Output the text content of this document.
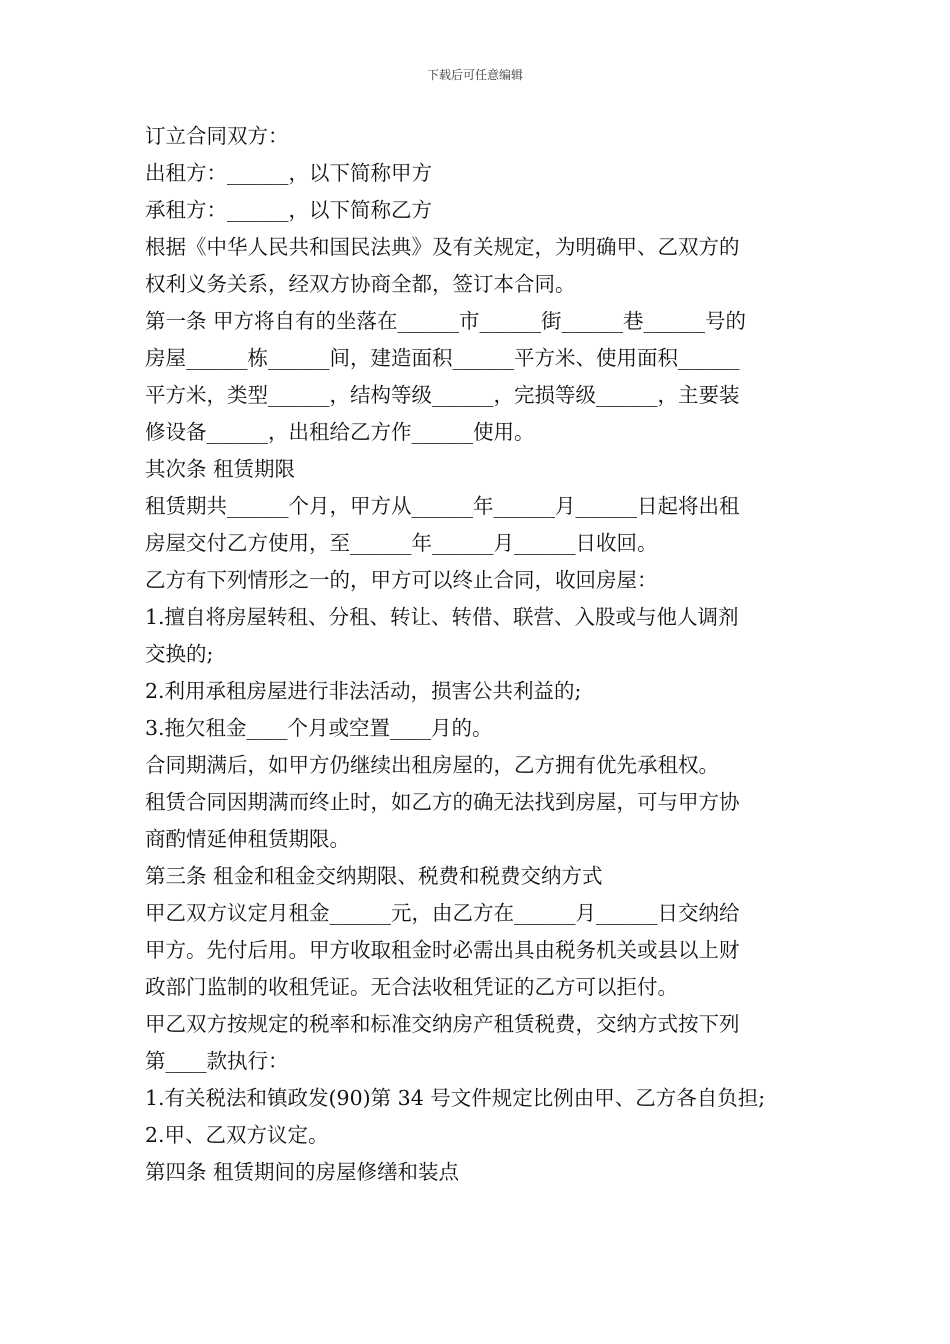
下载后可任意编辑

订立合同双方：

出租方：______，以下简称甲方

承租方：______，以下简称乙方

根据《中华人民共和国民法典》及有关规定，为明确甲、乙双方的

权利义务关系，经双方协商全都，签订本合同。

第一条 甲方将自有的坐落在______市______街______巷______号的

房屋______栋______间，建造面积______平方米、使用面积______

平方米，类型______，结构等级______，完损等级______，主要装

修设备______，出租给乙方作______使用。

其次条 租赁期限

租赁期共______个月，甲方从______年______月______日起将出租

房屋交付乙方使用，至______年______月______日收回。

乙方有下列情形之一的，甲方可以终止合同，收回房屋：

1.擅自将房屋转租、分租、转让、转借、联营、入股或与他人调剂

交换的;

2.利用承租房屋进行非法活动，损害公共利益的;

3.拖欠租金____个月或空置____月的。

合同期满后，如甲方仍继续出租房屋的，乙方拥有优先承租权。

租赁合同因期满而终止时，如乙方的确无法找到房屋，可与甲方协

商酌情延伸租赁期限。

第三条 租金和租金交纳期限、税费和税费交纳方式

甲乙双方议定月租金______元，由乙方在______月______日交纳给

甲方。先付后用。甲方收取租金时必需出具由税务机关或县以上财

政部门监制的收租凭证。无合法收租凭证的乙方可以拒付。

甲乙双方按规定的税率和标准交纳房产租赁税费，交纳方式按下列

第____款执行：

1.有关税法和镇政发(90)第 34 号文件规定比例由甲、乙方各自负担;

2.甲、乙双方议定。

第四条 租赁期间的房屋修缮和装点
